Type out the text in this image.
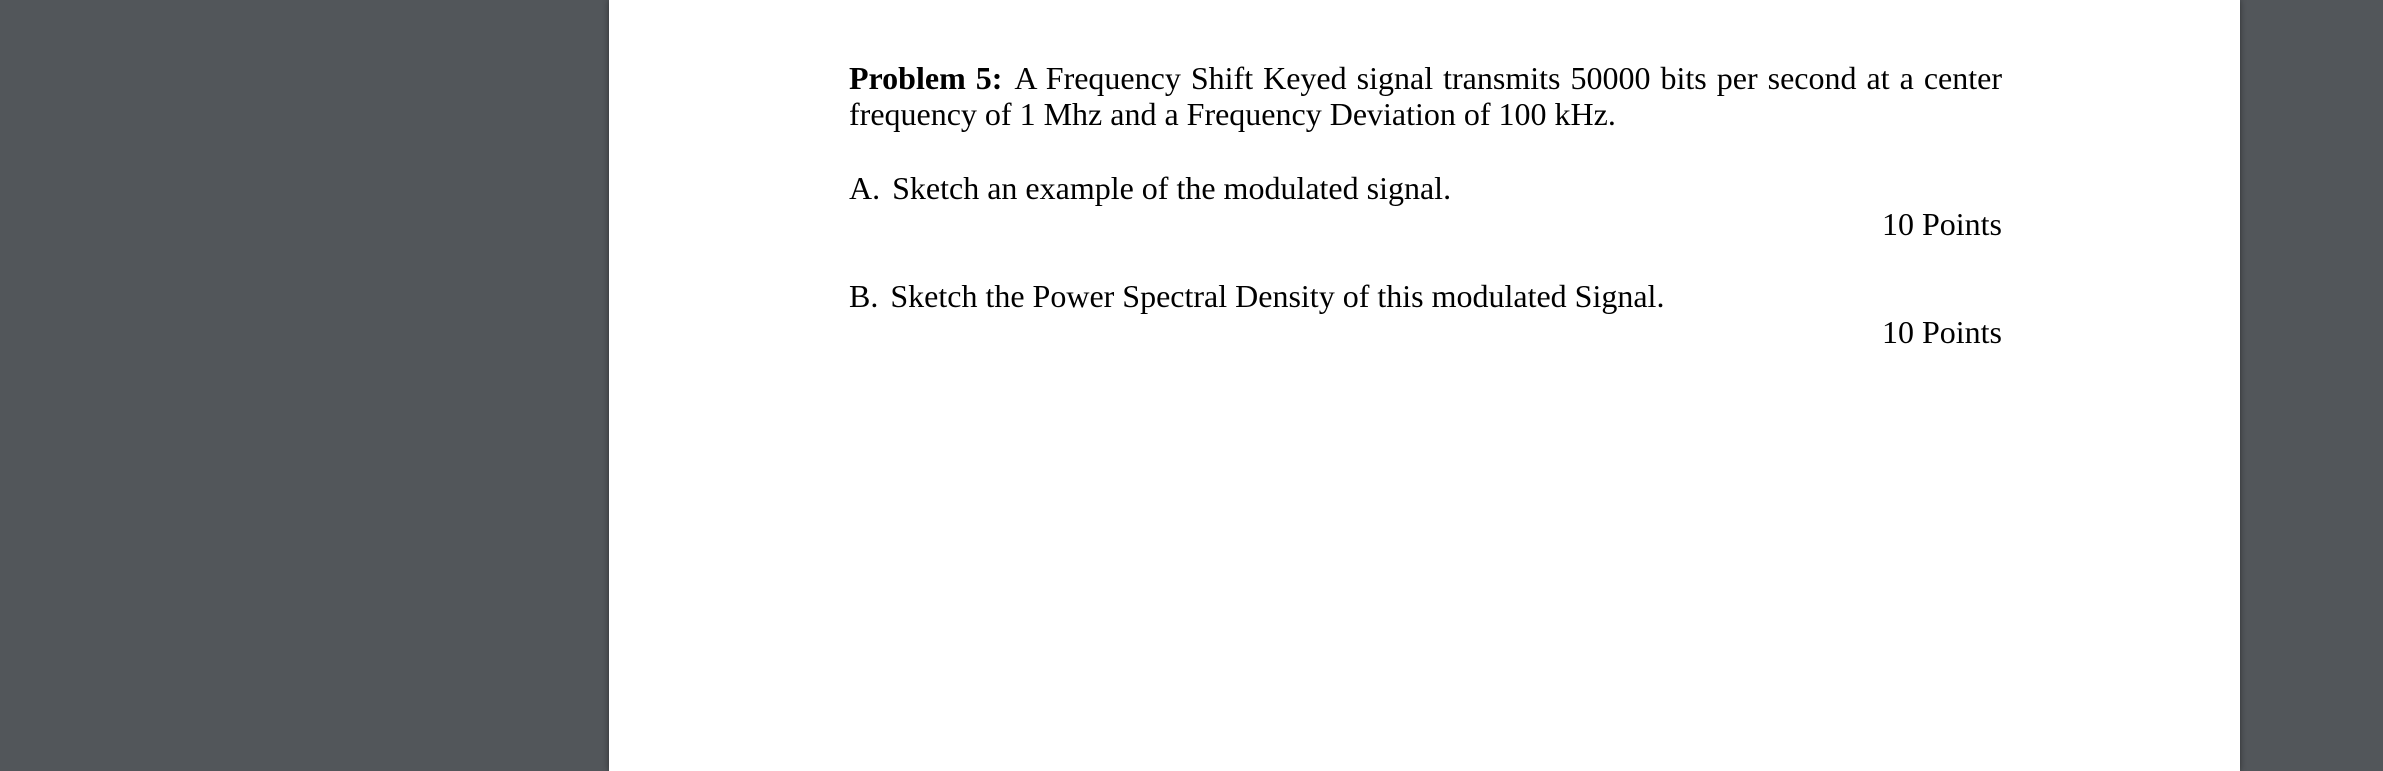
Problem 5: A Frequency Shift Keyed signal transmits 50000 bits per second at a center frequency of 1 Mhz and a Frequency Deviation of 100 kHz.

A. Sketch an example of the modulated signal.

10 Points

B. Sketch the Power Spectral Density of this modulated Signal.

10 Points
